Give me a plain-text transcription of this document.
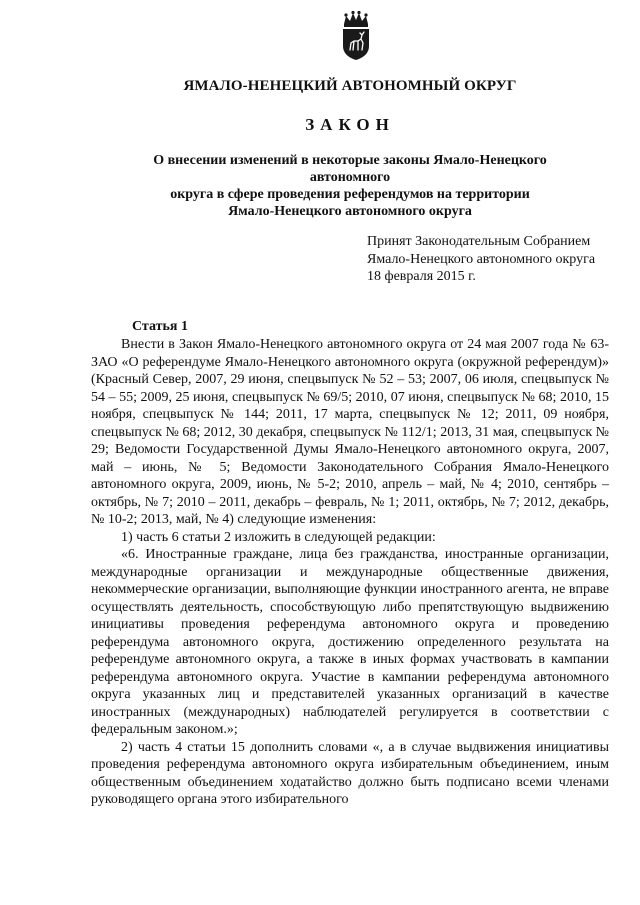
ЯМАЛО-НЕНЕЦКИЙ АВТОНОМНЫЙ ОКРУГ
ЗАКОН
О внесении изменений в некоторые законы Ямало-Ненецкого автономного
округа в сфере проведения референдумов на территории
Ямало-Ненецкого автономного округа
Принят Законодательным Собранием
Ямало-Ненецкого автономного округа
18 февраля 2015 г.
Статья 1

Внести в Закон Ямало-Ненецкого автономного округа от 24 мая 2007 года № 63-ЗАО «О референдуме Ямало-Ненецкого автономного округа (окружной референдум)» (Красный Север, 2007, 29 июня, спецвыпуск № 52 – 53; 2007, 06 июля, спецвыпуск № 54 – 55; 2009, 25 июня, спецвыпуск № 69/5; 2010, 07 июня, спецвыпуск № 68; 2010, 15 ноября, спецвыпуск № 144; 2011, 17 марта, спецвыпуск № 12; 2011, 09 ноября, спецвыпуск № 68; 2012, 30 декабря, спецвыпуск № 112/1; 2013, 31 мая, спецвыпуск № 29; Ведомости Государственной Думы Ямало-Ненецкого автономного округа, 2007, май – июнь, № 5; Ведомости Законодательного Собрания Ямало-Ненецкого автономного округа, 2009, июнь, № 5-2; 2010, апрель – май, № 4; 2010, сентябрь – октябрь, № 7; 2010 – 2011, декабрь – февраль, № 1; 2011, октябрь, № 7; 2012, декабрь, № 10-2; 2013, май, № 4) следующие изменения:

1) часть 6 статьи 2 изложить в следующей редакции:

«6. Иностранные граждане, лица без гражданства, иностранные организации, международные организации и международные общественные движения, некоммерческие организации, выполняющие функции иностранного агента, не вправе осуществлять деятельность, способствующую либо препятствующую выдвижению инициативы проведения референдума автономного округа и проведению референдума автономного округа, достижению определенного результата на референдуме автономного округа, а также в иных формах участвовать в кампании референдума автономного округа. Участие в кампании референдума автономного округа указанных лиц и представителей указанных организаций в качестве иностранных (международных) наблюдателей регулируется в соответствии с федеральным законом.»;

2) часть 4 статьи 15 дополнить словами «, а в случае выдвижения инициативы проведения референдума автономного округа избирательным объединением, иным общественным объединением ходатайство должно быть подписано всеми членами руководящего органа этого избирательного
